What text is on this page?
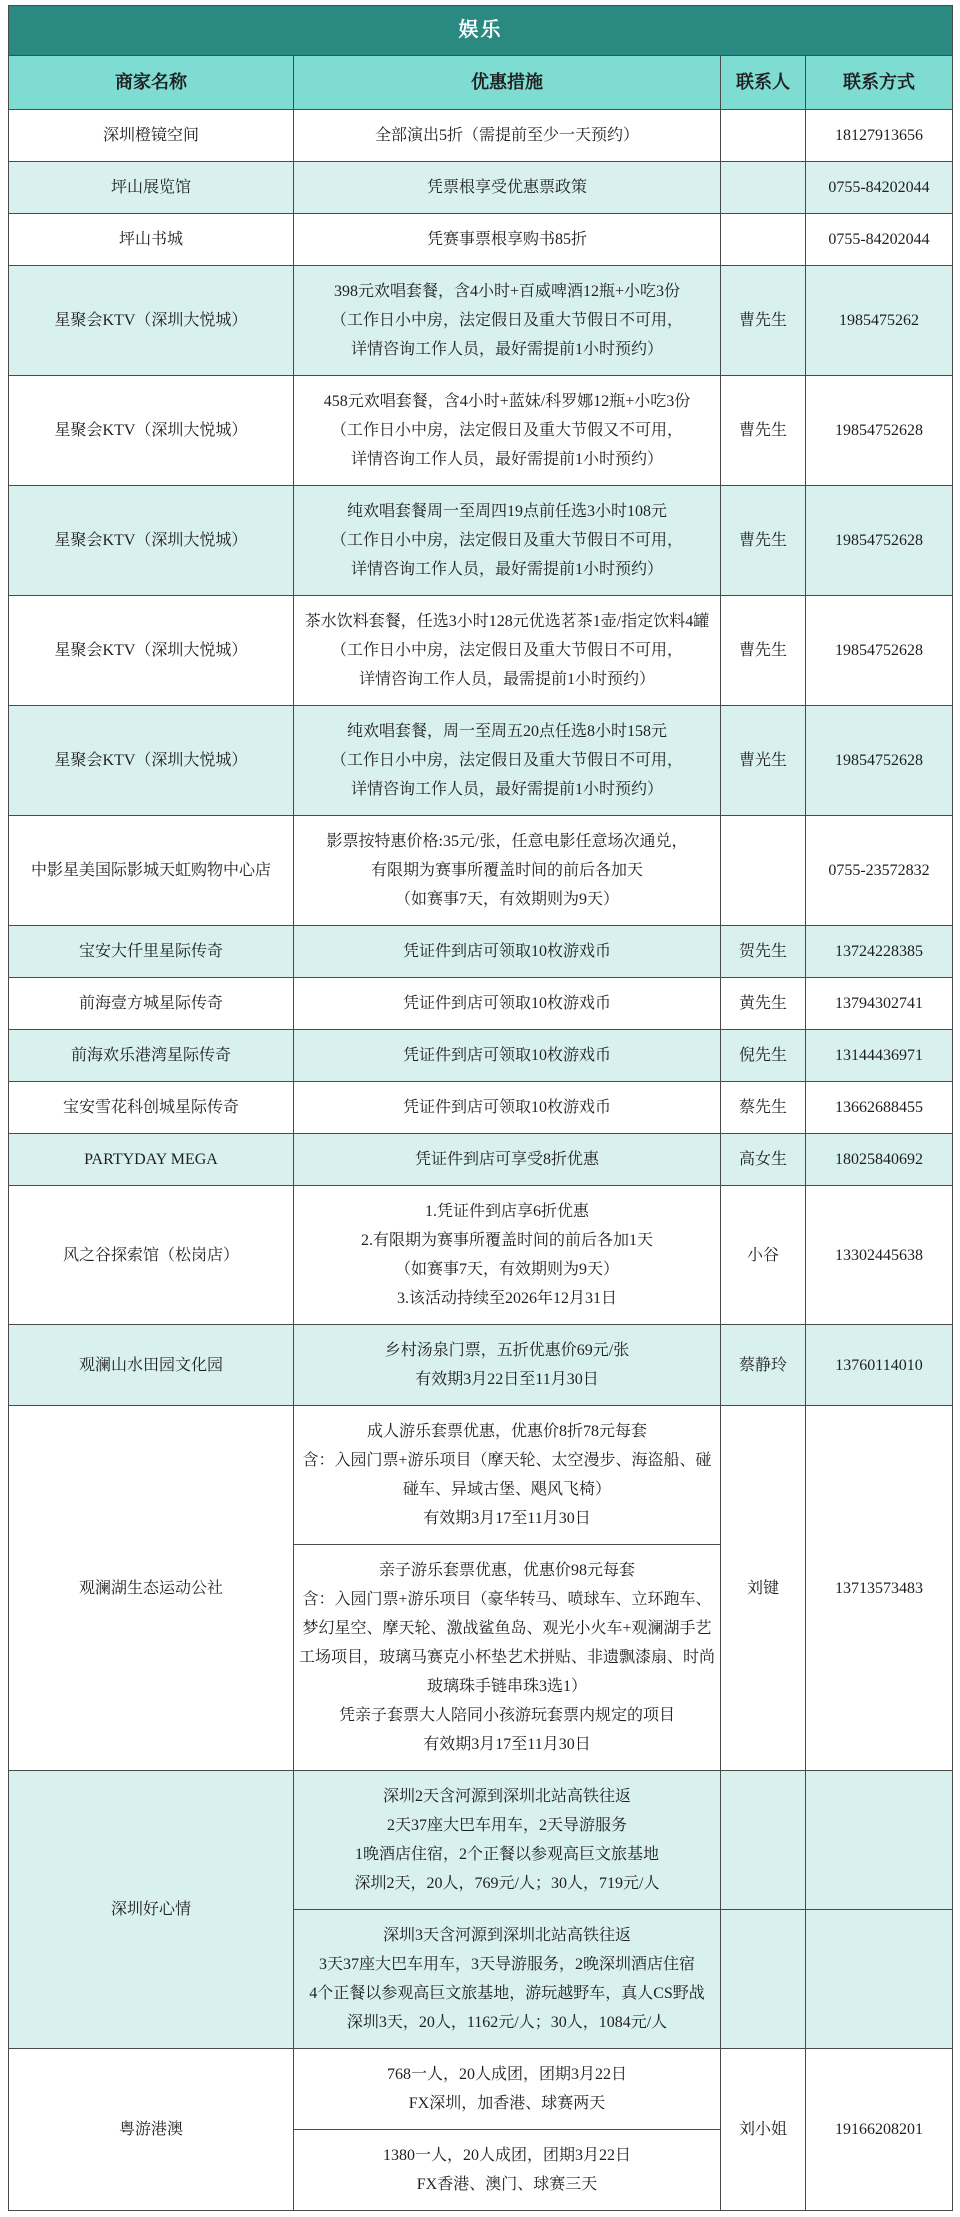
娱乐			
商家名称	优惠措施	联系人	联系方式
深圳橙镜空间	全部演出5折（需提前至少一天预约）		18127913656
坪山展览馆	凭票根享受优惠票政策		0755-84202044
坪山书城	凭赛事票根享购书85折		0755-84202044
星聚会KTV（深圳大悦城）	398元欢唱套餐，含4小时+百威啤酒12瓶+小吃3份
（工作日小中房，法定假日及重大节假日不可用，
详情咨询工作人员，最好需提前1小时预约）	曹先生	1985475262
星聚会KTV（深圳大悦城）	458元欢唱套餐，含4小时+蓝妹/科罗娜12瓶+小吃3份
（工作日小中房，法定假日及重大节假又不可用，
详情咨询工作人员，最好需提前1小时预约）	曹先生	19854752628
星聚会KTV（深圳大悦城）	纯欢唱套餐周一至周四19点前任选3小时108元
（工作日小中房，法定假日及重大节假日不可用，
详情咨询工作人员，最好需提前1小时预约）	曹先生	19854752628
星聚会KTV（深圳大悦城）	茶水饮料套餐，任选3小时128元优选茗茶1壶/指定饮料4罐
（工作日小中房，法定假日及重大节假日不可用，
详情咨询工作人员，最需提前1小时预约）	曹先生	19854752628
星聚会KTV（深圳大悦城）	纯欢唱套餐，周一至周五20点任选8小时158元
（工作日小中房，法定假日及重大节假日不可用，
详情咨询工作人员，最好需提前1小时预约）	曹光生	19854752628
中影星美国际影城天虹购物中心店	影票按特惠价格:35元/张，任意电影任意场次通兑，
有限期为赛事所覆盖时间的前后各加天
（如赛事7天，有效期则为9天）		0755-23572832
宝安大仟里星际传奇	凭证件到店可领取10枚游戏币	贺先生	13724228385
前海壹方城星际传奇	凭证件到店可领取10枚游戏币	黄先生	13794302741
前海欢乐港湾星际传奇	凭证件到店可领取10枚游戏币	倪先生	13144436971
宝安雪花科创城星际传奇	凭证件到店可领取10枚游戏币	蔡先生	13662688455
PARTYDAY MEGA	凭证件到店可享受8折优惠	高女生	18025840692
风之谷探索馆（松岗店）	1.凭证件到店享6折优惠
2.有限期为赛事所覆盖时间的前后各加1天
（如赛事7天，有效期则为9天）
3.该活动持续至2026年12月31日	小谷	13302445638
观澜山水田园文化园	乡村汤泉门票，五折优惠价69元/张
有效期3月22日至11月30日	蔡静玲	13760114010
观澜湖生态运动公社	成人游乐套票优惠，优惠价8折78元每套
含：入园门票+游乐项目（摩天轮、太空漫步、海盗船、碰
碰车、异域古堡、飓风飞椅）
有效期3月17至11月30日	刘键	13713573483

亲子游乐套票优惠，优惠价98元每套
含：入园门票+游乐项目（豪华转马、喷球车、立环跑车、
梦幻星空、摩天轮、激战鲨鱼岛、观光小火车+观澜湖手艺
工场项目，玻璃马赛克小杯垫艺术拼贴、非遗飘漆扇、时尚
玻璃珠手链串珠3选1）
凭亲子套票大人陪同小孩游玩套票内规定的项目
有效期3月17至11月30日

深圳好心情	深圳2天含河源到深圳北站高铁往返
2天37座大巴车用车，2天导游服务
1晚酒店住宿，2个正餐以参观高巨文旅基地
深圳2天，20人，769元/人；30人，719元/人		

	深圳3天含河源到深圳北站高铁往返
3天37座大巴车用车，3天导游服务，2晚深圳酒店住宿
4个正餐以参观高巨文旅基地，游玩越野车，真人CS野战
深圳3天，20人，1162元/人；30人，1084元/人		

粤游港澳	768一人，20人成团，团期3月22日
FX深圳，加香港、球赛两天	刘小姐	19166208201

	1380一人，20人成团，团期3月22日
FX香港、澳门、球赛三天		
